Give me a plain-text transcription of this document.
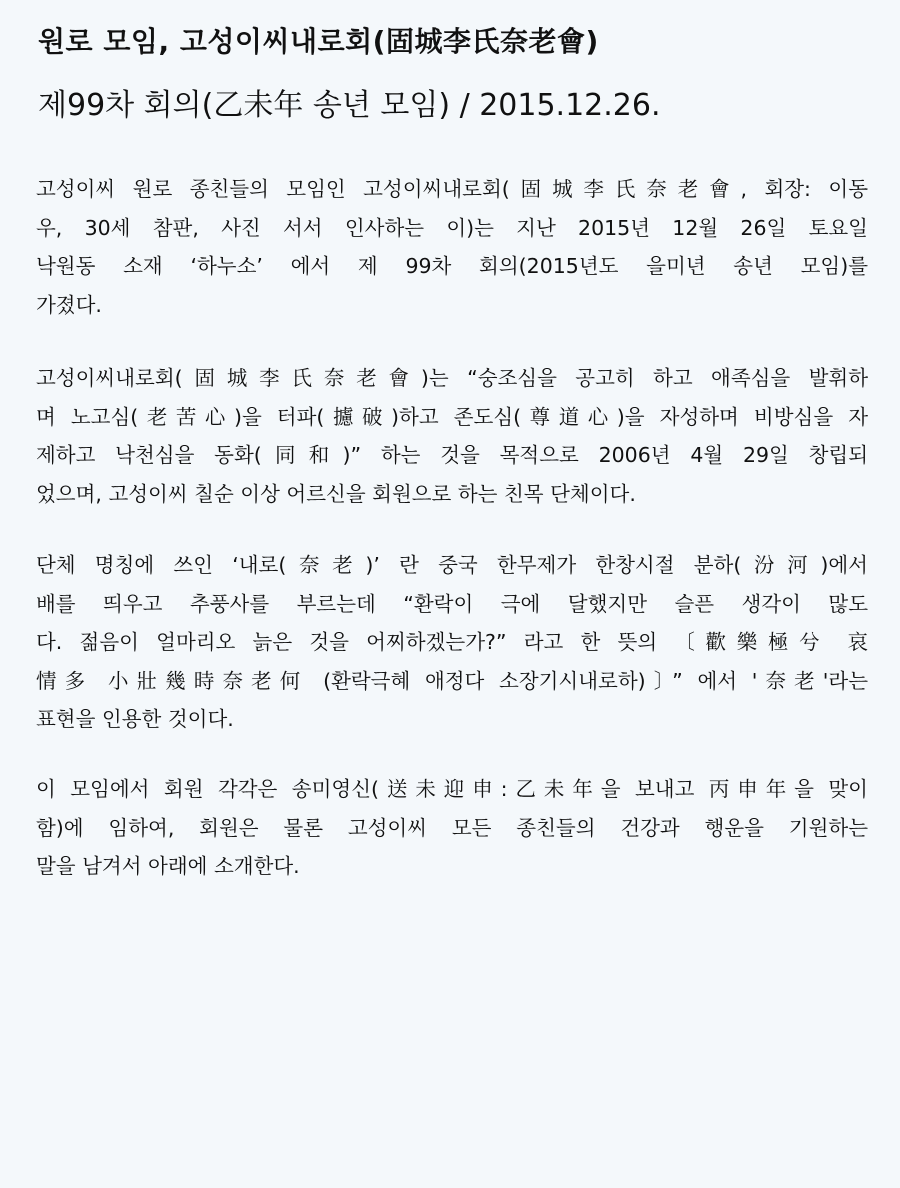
원로 모임, 고성이씨내로회(固城李氏奈老會)
제99차 회의(乙未年 송년 모임) / 2015.12.26.
고성이씨 원로 종친들의 모임인 고성이씨내로회(固城李氏奈老會, 회장: 이동
우, 30세 참판, 사진 서서 인사하는 이)는 지난 2015년 12월 26일 토요일
낙원동 소재 ‘하누소’ 에서 제 99차 회의(2015년도 을미년 송년 모임)를
가졌다.
고성이씨내로회(固城李氏奈老會)는 “숭조심을 공고히 하고 애족심을 발휘하
며 노고심(老苦心)을 터파(攄破)하고 존도심(尊道心)을 자성하며 비방심을 자
제하고 낙천심을 동화(同和)” 하는 것을 목적으로 2006년 4월 29일 창립되
었으며, 고성이씨 칠순 이상 어르신을 회원으로 하는 친목 단체이다.
단체 명칭에 쓰인 ‘내로(奈老)’ 란 중국 한무제가 한창시절 분하(汾河)에서
배를 띄우고 추풍사를 부르는데 “환락이 극에 달했지만 슬픈 생각이 많도
다. 젊음이 얼마리오 늙은 것을 어찌하겠는가?” 라고 한 뜻의 〔歡樂極兮 哀
情多 小壯幾時奈老何 (환락극혜 애정다 소장기시내로하)〕” 에서 '奈老'라는
표현을 인용한 것이다.
이 모임에서 회원 각각은 송미영신(送未迎申:乙未年을 보내고 丙申年을 맞이
함)에 임하여, 회원은 물론 고성이씨 모든 종친들의 건강과 행운을 기원하는
말을 남겨서 아래에 소개한다.
